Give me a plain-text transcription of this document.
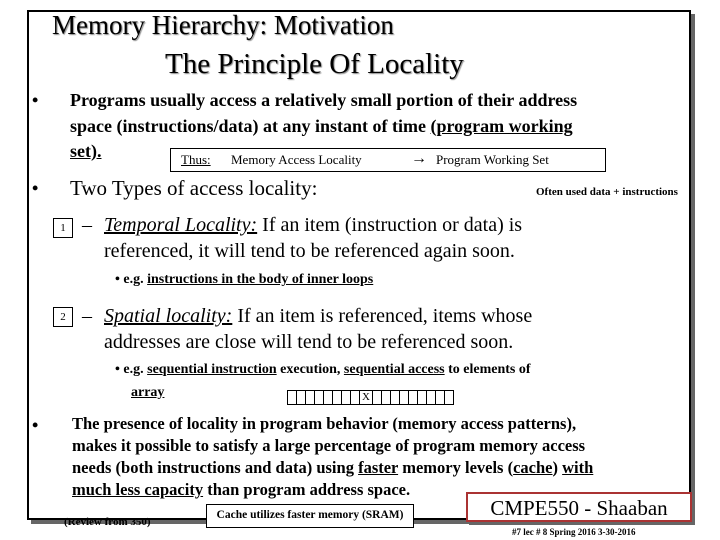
Memory Hierarchy: Motivation
The Principle Of Locality
• Programs usually access a relatively small portion of their address
space (instructions/data) at any instant of time (program working
set).	Thus: Memory Access Locality	→ Program Working Set
• Two Types of access locality:	Often used data + instructions
1 – Temporal Locality: If an item (instruction or data) is
referenced, it will tend to be referenced again soon.
• e.g. instructions in the body of inner loops
2 – Spatial locality: If an item is referenced, items whose
addresses are close will tend to be referenced soon.
• e.g. sequential instruction execution, sequential access to elements of
array	X
• The presence of locality in program behavior (memory access patterns),
makes it possible to satisfy a large percentage of program memory access
needs (both instructions and data) using faster memory levels (cache) with
much less capacity than program address space.
(Review from 350)
Cache utilizes faster memory (SRAM)	CMPE550 - Shaaban
#7 lec # 8 Spring 2016 3-30-2016
